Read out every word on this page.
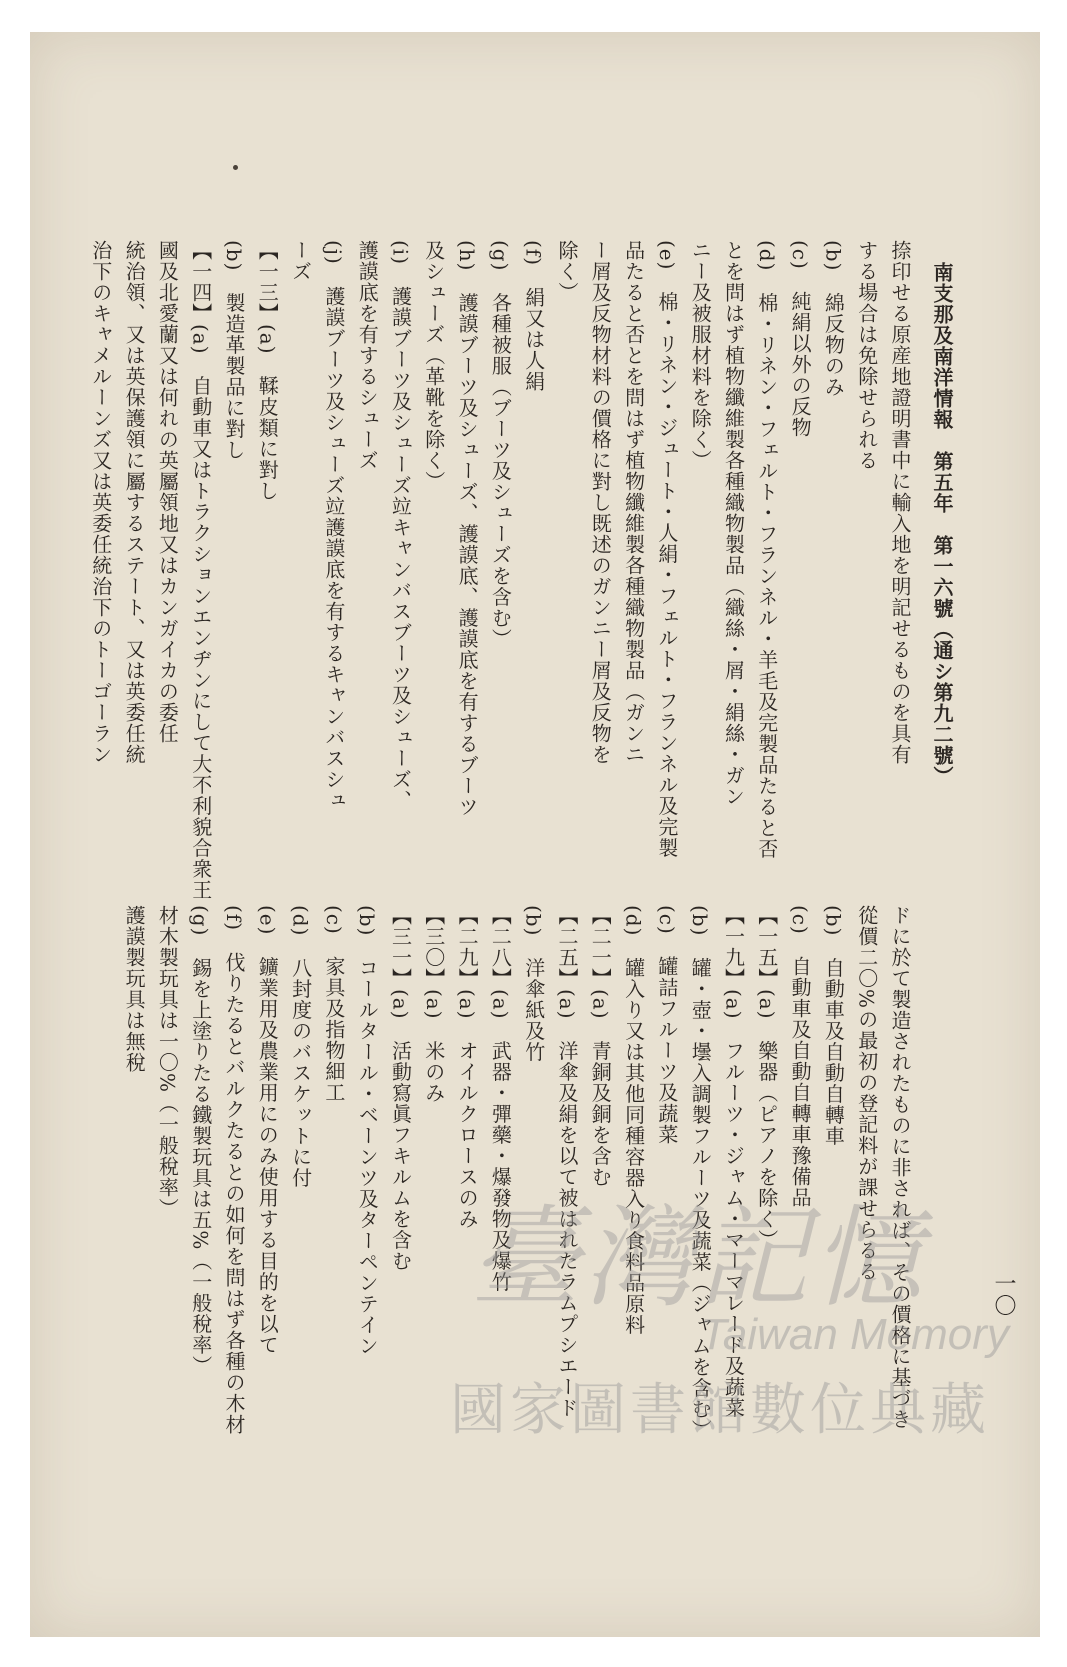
南支那及南洋情報　第五年　第一六號（通シ第九二號）
一〇
捺印せる原産地證明書中に輸入地を明記せるものを具有
する場合は免除せられる
(b)　綿反物のみ
(c)　純絹以外の反物
(d)　棉・リネン・フェルト・フランネル・羊毛及完製品たると否
とを問はず植物纖維製各種織物製品（織絲・屑・絹絲・ガン
ニー及被服材料を除く）
(e)　棉・リネン・ジュート・人絹・フェルト・フランネル及完製
品たると否とを問はず植物纖維製各種織物製品（ガンニ
ー屑及反物材料の價格に對し既述のガンニー屑及反物を
除く）
(f)　絹又は人絹
(g)　各種被服（ブーツ及シューズを含む）
(h)　護謨ブーツ及シューズ、護謨底、護謨底を有するブーツ
及シューズ（革靴を除く）
(i)　護謨ブーツ及シューズ竝キャンバスブーツ及シューズ、
護謨底を有するシューズ
(j)　護謨ブーツ及シューズ竝護謨底を有するキャンバスシュ
ーズ
【一三】(a)　鞣皮類に對し
(b)　製造革製品に對し
【一四】(a)　自動車又はトラクションエンヂンにして大不利貌合衆王
國及北愛蘭又は何れの英屬領地又はカンガイカの委任
統治領、又は英保護領に屬するステート、又は英委任統
治下のキャメルーンズ又は英委任統治下のトーゴーラン
ドに於て製造されたものに非されば、その價格に基づき
從價二〇%の最初の登記料が課せらるる
(b)　自動車及自動自轉車
(c)　自動車及自動自轉車豫備品
【一五】(a)　樂器（ピアノを除く）
【一九】(a)　フルーツ・ジャム・マーマレード及蔬菜
(b)　罐・壺・壜入調製フルーツ及蔬菜（ジャムを含む）
(c)　罐詰フルーツ及蔬菜
(d)　罐入り又は其他同種容器入り食料品原料
【二一】(a)　青銅及銅を含む
【二五】(a)　洋傘及絹を以て被はれたラムプシエード
(b)　洋傘紙及竹
【二八】(a)　武器・彈藥・爆發物及爆竹
【二九】(a)　オイルクロースのみ
【三〇】(a)　米のみ
【三一】(a)　活動寫眞フキルムを含む
(b)　コールタール・ベーンツ及ターペンテイン
(c)　家具及指物細工
(d)　八封度のバスケットに付
(e)　鑛業用及農業用にのみ使用する目的を以て
(f)　伐りたるとバルクたるとの如何を問はず各種の木材
(g)　錫を上塗りたる鐵製玩具は五%（一般稅率）
材木製玩具は一〇%（一般稅率）
護謨製玩具は無稅
臺灣記憶
Taiwan Memory
國家圖書館數位典藏
